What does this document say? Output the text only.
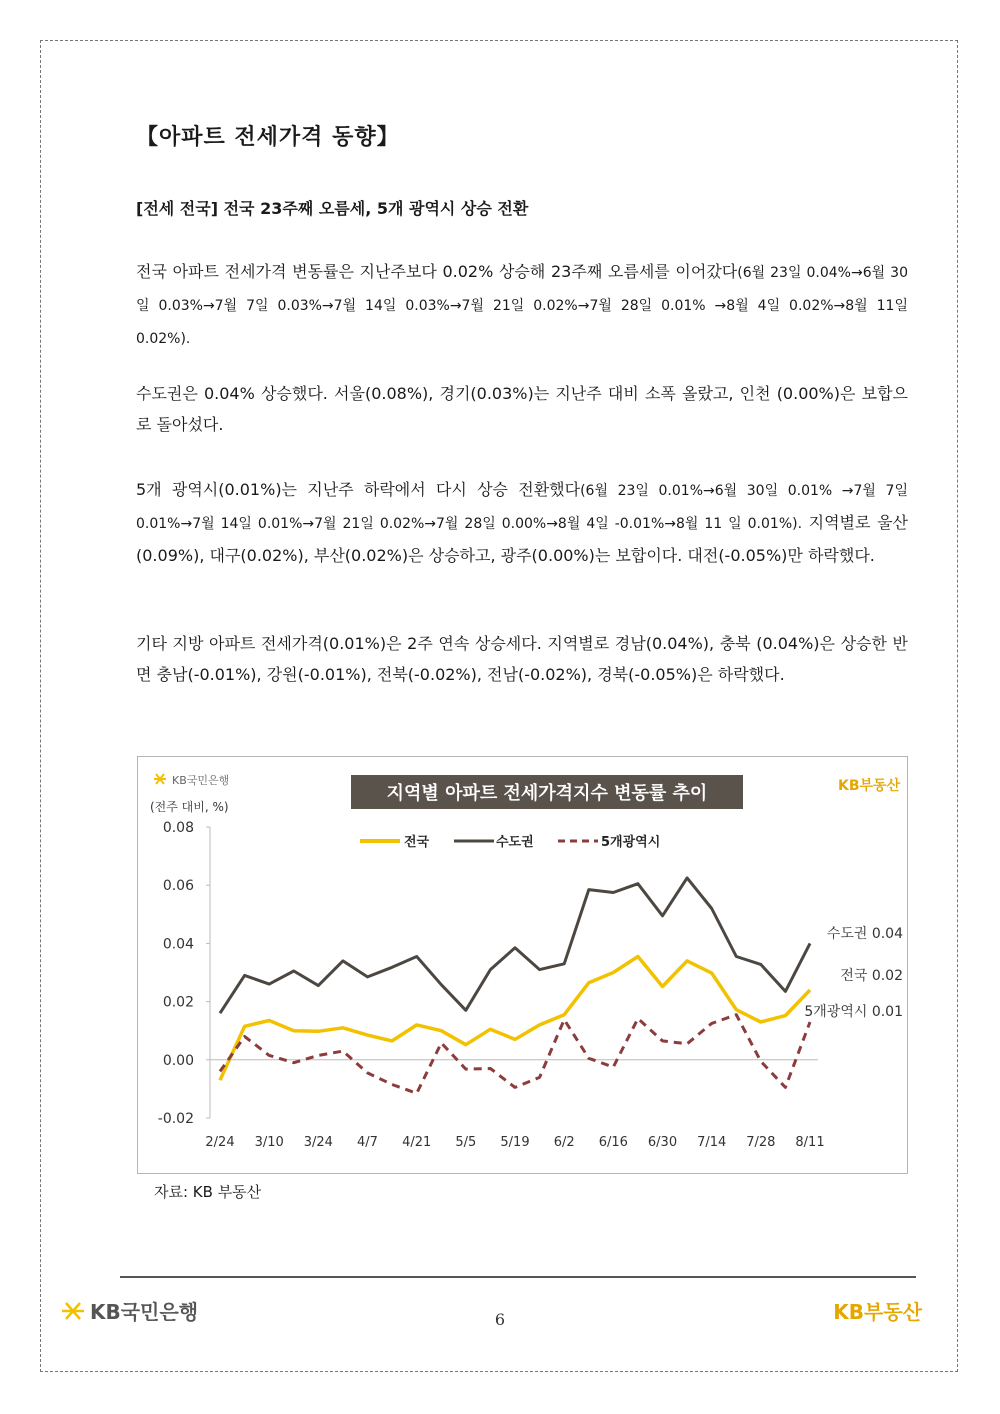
【아파트 전세가격 동향】
[전세 전국] 전국 23주째 오름세, 5개 광역시 상승 전환

전국 아파트 전세가격 변동률은 지난주보다 0.02% 상승해 23주째 오름세를 이어갔다(6월 23일 0.04%→6월 30일 0.03%→7월 7일 0.03%→7월 14일 0.03%→7월 21일 0.02%→7월 28일 0.01% →8월 4일 0.02%→8월 11일 0.02%).

수도권은 0.04% 상승했다. 서울(0.08%), 경기(0.03%)는 지난주 대비 소폭 올랐고, 인천 (0.00%)은 보합으로 돌아섰다.

5개 광역시(0.01%)는 지난주 하락에서 다시 상승 전환했다(6월 23일 0.01%→6월 30일 0.01% →7월 7일 0.01%→7월 14일 0.01%→7월 21일 0.02%→7월 28일 0.00%→8월 4일 -0.01%→8월 11 일 0.01%). 지역별로 울산(0.09%), 대구(0.02%), 부산(0.02%)은 상승하고, 광주(0.00%)는 보합이다. 대전(-0.05%)만 하락했다.

기타 지방 아파트 전세가격(0.01%)은 2주 연속 상승세다. 지역별로 경남(0.04%), 충북 (0.04%)은 상승한 반면 충남(-0.01%), 강원(-0.01%), 전북(-0.02%), 전남(-0.02%), 경북(-0.05%)은 하락했다.

KB국민은행	KB부동산
지역별 아파트 전세가격지수 변동률 추이
(전주 대비, %)
전국	수도권	5개광역시
0.08
0.06
0.04
0.02
0.00
-0.02
2/24 3/10 3/24 4/7 4/21 5/5 5/19 6/2 6/16 6/30 7/14 7/28 8/11
수도권 0.04
전국 0.02
5개광역시 0.01
자료: KB 부동산
KB국민은행	6	KB부동산
